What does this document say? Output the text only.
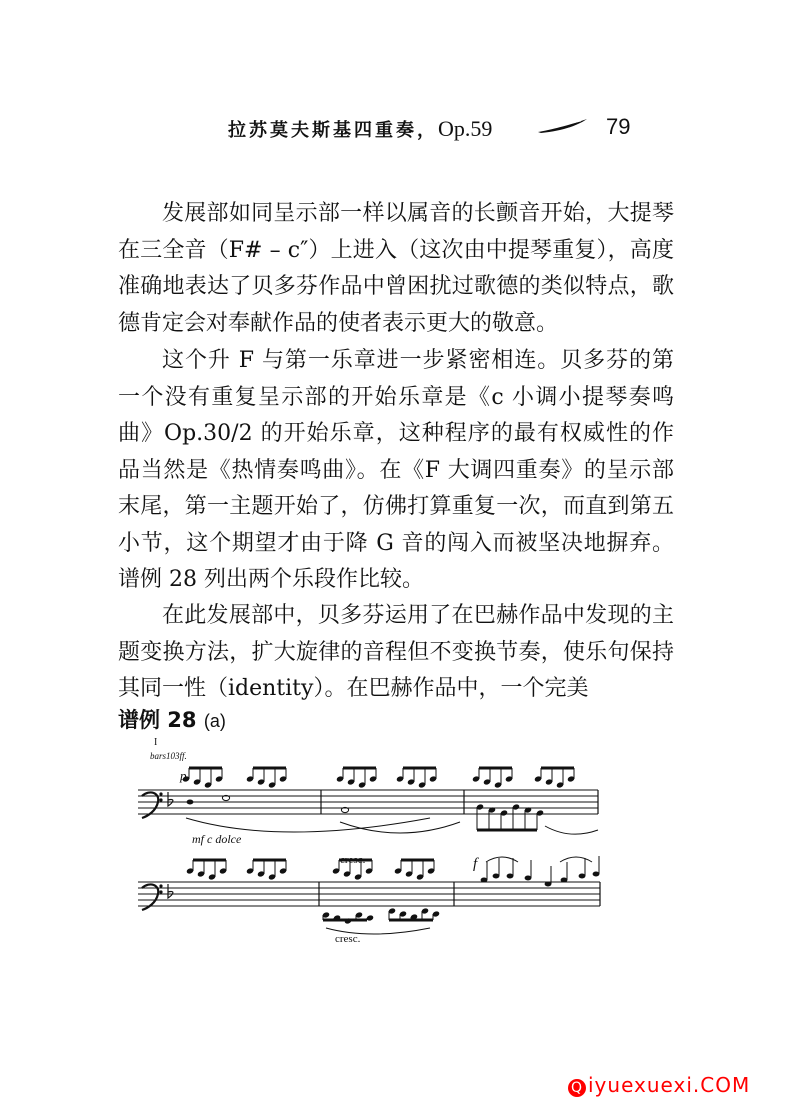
拉苏莫夫斯基四重奏，Op.59	79

发展部如同呈示部一样以属音的长颤音开始，大提琴在三全音（F# – c″）上进入（这次由中提琴重复），高度准确地表达了贝多芬作品中曾困扰过歌德的类似特点，歌德肯定会对奉献作品的使者表示更大的敬意。

这个升 F 与第一乐章进一步紧密相连。贝多芬的第一个没有重复呈示部的开始乐章是《c 小调小提琴奏鸣曲》Op.30/2 的开始乐章，这种程序的最有权威性的作品当然是《热情奏鸣曲》。在《F 大调四重奏》的呈示部末尾，第一主题开始了，仿佛打算重复一次，而直到第五小节，这个期望才由于降 G 音的闯入而被坚决地摒弃。谱例 28 列出两个乐段作比较。

在此发展部中，贝多芬运用了在巴赫作品中发现的主题变换方法，扩大旋律的音程但不变换节奏，使乐句保持其同一性（identity）。在巴赫作品中，一个完美

谱例 28 (a)
I
bars103ff.
p
mf c dolce
cresc.
cresc.
f
Q iyuexuexi.COM
